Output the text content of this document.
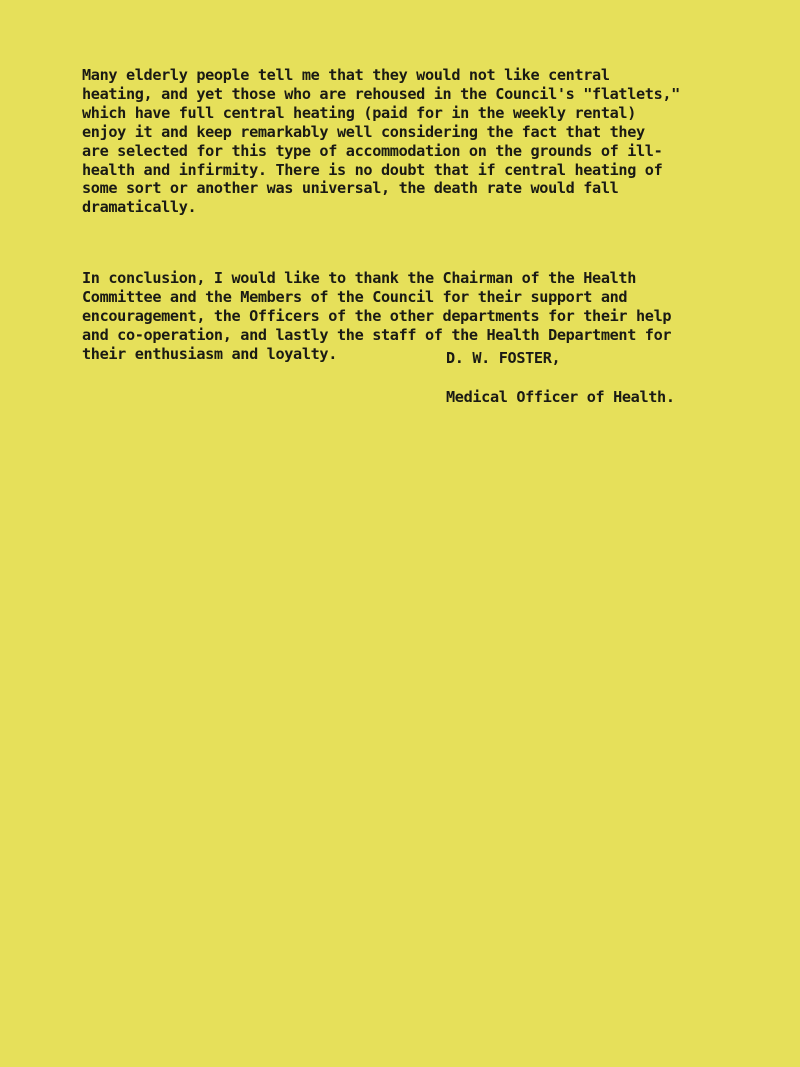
Many elderly people tell me that they would not like central
heating, and yet those who are rehoused in the Council's "flatlets,"
which have full central heating (paid for in the weekly rental)
enjoy it and keep remarkably well considering the fact that they
are selected for this type of accommodation on the grounds of ill-
health and infirmity. There is no doubt that if central heating of
some sort or another was universal, the death rate would fall
dramatically.

In conclusion, I would like to thank the Chairman of the Health
Committee and the Members of the Council for their support and
encouragement, the Officers of the other departments for their help
and co-operation, and lastly the staff of the Health Department for
their enthusiasm and loyalty.	D. W. FOSTER,
Medical Officer of Health.
